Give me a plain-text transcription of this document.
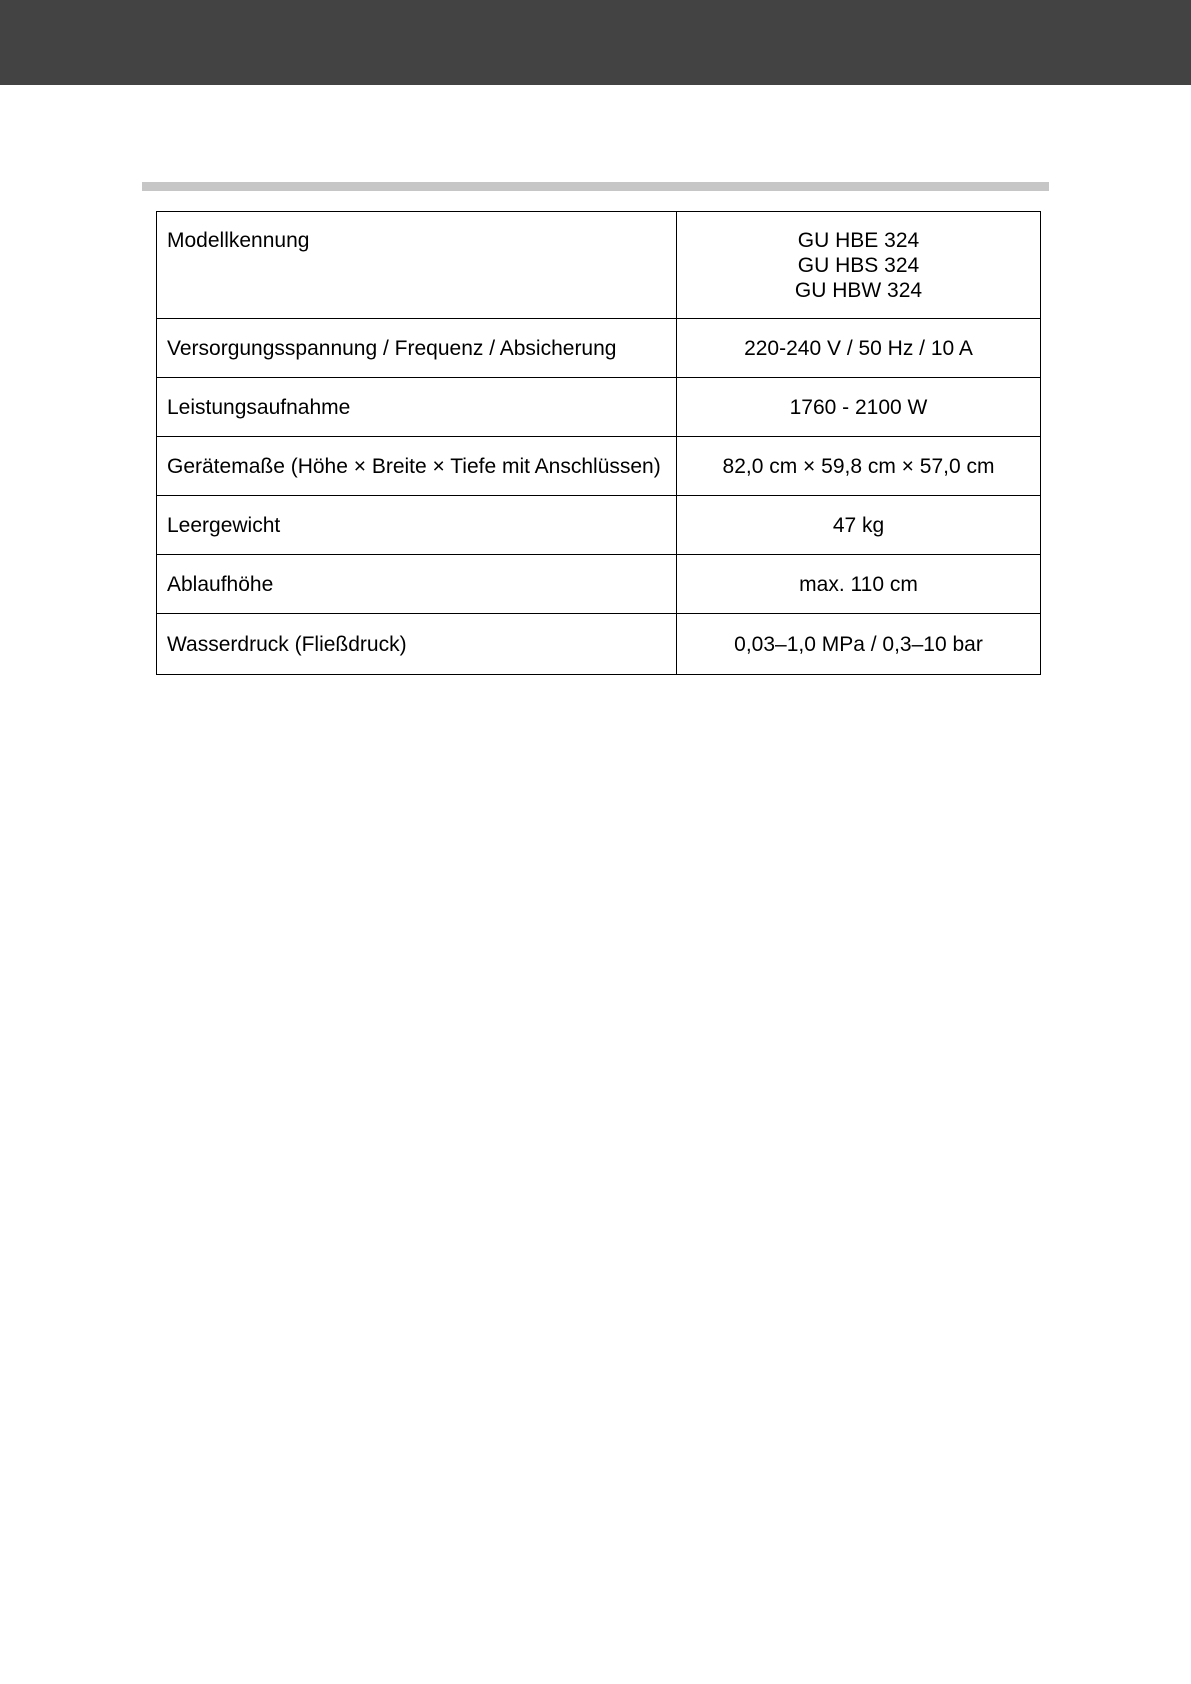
Modellkennung	GU HBE 324
GU HBS 324
GU HBW 324

Versorgungsspannung / Frequenz / Absicherung	220-240 V / 50 Hz / 10 A
Leistungsaufnahme	1760 - 2100 W
Gerätemaße (Höhe × Breite × Tiefe mit Anschlüssen)	82,0 cm × 59,8 cm × 57,0 cm
Leergewicht	47 kg
Ablaufhöhe	max. 110 cm
Wasserdruck (Fließdruck)	0,03–1,0 MPa / 0,3–10 bar
